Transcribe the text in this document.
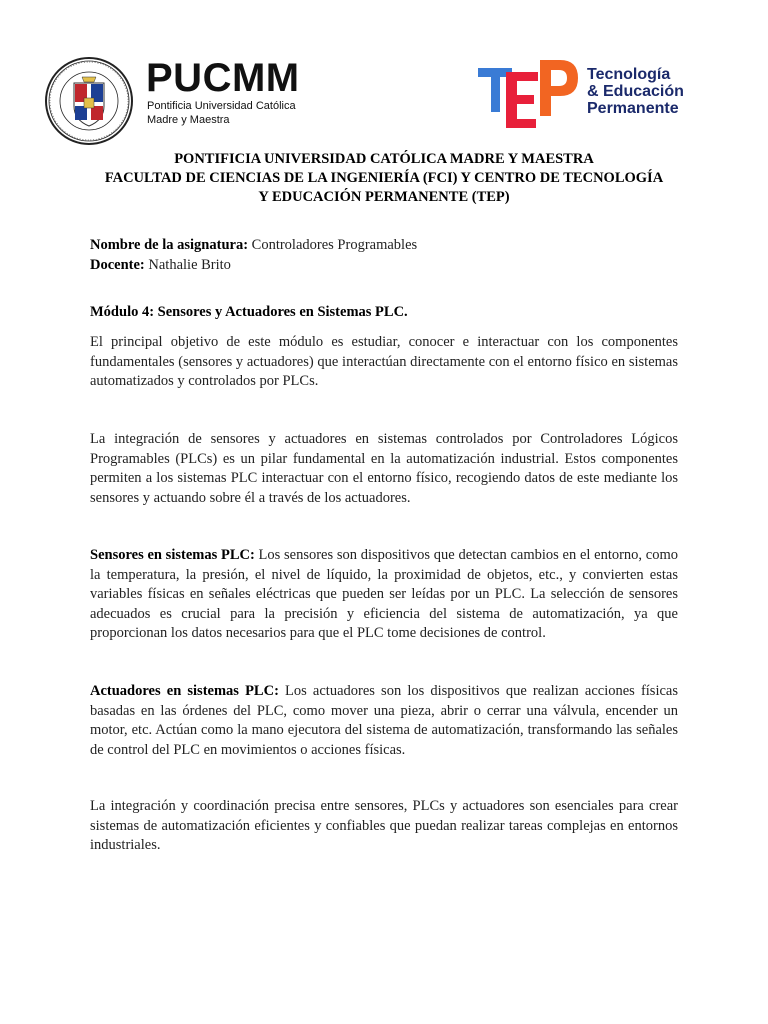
PUCMM
Pontificia Universidad Católica
Madre y Maestra
Tecnología
& Educación
Permanente
PONTIFICIA UNIVERSIDAD CATÓLICA MADRE Y MAESTRA
FACULTAD DE CIENCIAS DE LA INGENIERÍA (FCI) Y CENTRO DE TECNOLOGÍA
Y EDUCACIÓN PERMANENTE (TEP)

Nombre de la asignatura: Controladores Programables

Docente: Nathalie Brito

Módulo 4: Sensores y Actuadores en Sistemas PLC.

El principal objetivo de este módulo es estudiar, conocer e interactuar con los componentes fundamentales (sensores y actuadores) que interactúan directamente con el entorno físico en sistemas automatizados y controlados por PLCs.

La integración de sensores y actuadores en sistemas controlados por Controladores Lógicos Programables (PLCs) es un pilar fundamental en la automatización industrial. Estos componentes permiten a los sistemas PLC interactuar con el entorno físico, recogiendo datos de este mediante los sensores y actuando sobre él a través de los actuadores.

Sensores en sistemas PLC: Los sensores son dispositivos que detectan cambios en el entorno, como la temperatura, la presión, el nivel de líquido, la proximidad de objetos, etc., y convierten estas variables físicas en señales eléctricas que pueden ser leídas por un PLC. La selección de sensores adecuados es crucial para la precisión y eficiencia del sistema de automatización, ya que proporcionan los datos necesarios para que el PLC tome decisiones de control.

Actuadores en sistemas PLC: Los actuadores son los dispositivos que realizan acciones físicas basadas en las órdenes del PLC, como mover una pieza, abrir o cerrar una válvula, encender un motor, etc. Actúan como la mano ejecutora del sistema de automatización, transformando las señales de control del PLC en movimientos o acciones físicas.

La integración y coordinación precisa entre sensores, PLCs y actuadores son esenciales para crear sistemas de automatización eficientes y confiables que puedan realizar tareas complejas en entornos industriales.
